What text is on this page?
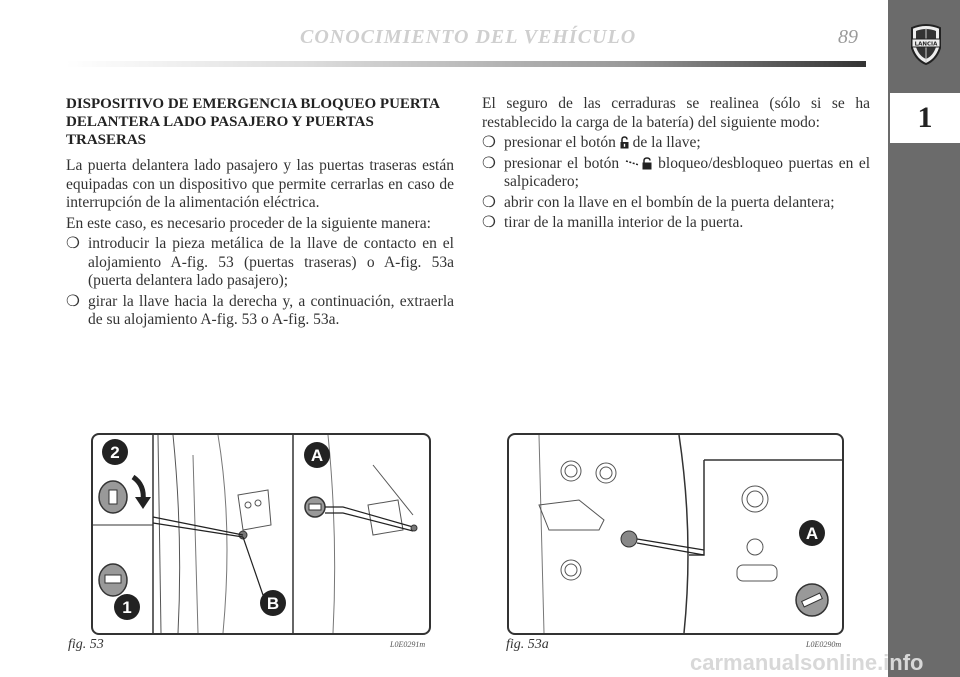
CONOCIMIENTO DEL VEHÍCULO	89	LANCIA
1
DISPOSITIVO DE EMERGENCIA BLOQUEO PUERTA DELANTERA LADO PASAJERO Y PUERTAS TRASERAS

La puerta delantera lado pasajero y las puertas traseras están equipadas con un dispositivo que permite cerrarlas en caso de interrupción de la alimentación eléctrica.

En este caso, es necesario proceder de la siguiente manera:

❍ introducir la pieza metálica de la llave de contacto en el alojamiento A-fig. 53 (puertas traseras) o A-fig. 53a (puerta delantera lado pasajero);
❍ girar la llave hacia la derecha y, a continuación, extraerla de su alojamiento A-fig. 53 o A-fig. 53a.

El seguro de las cerraduras se realinea (sólo si se ha restablecido la carga de la batería) del siguiente modo:

❍ presionar el botón de la llave;
❍ presionar el botón	bloqueo/desbloqueo puertas en el salpicadero;
❍ abrir con la llave en el bombín de la puerta delantera;
❍ tirar de la manilla interior de la puerta.
2
1
A
B
fig. 53	L0E0291m
A
fig. 53a	L0E0290m
carmanualsonline.info
